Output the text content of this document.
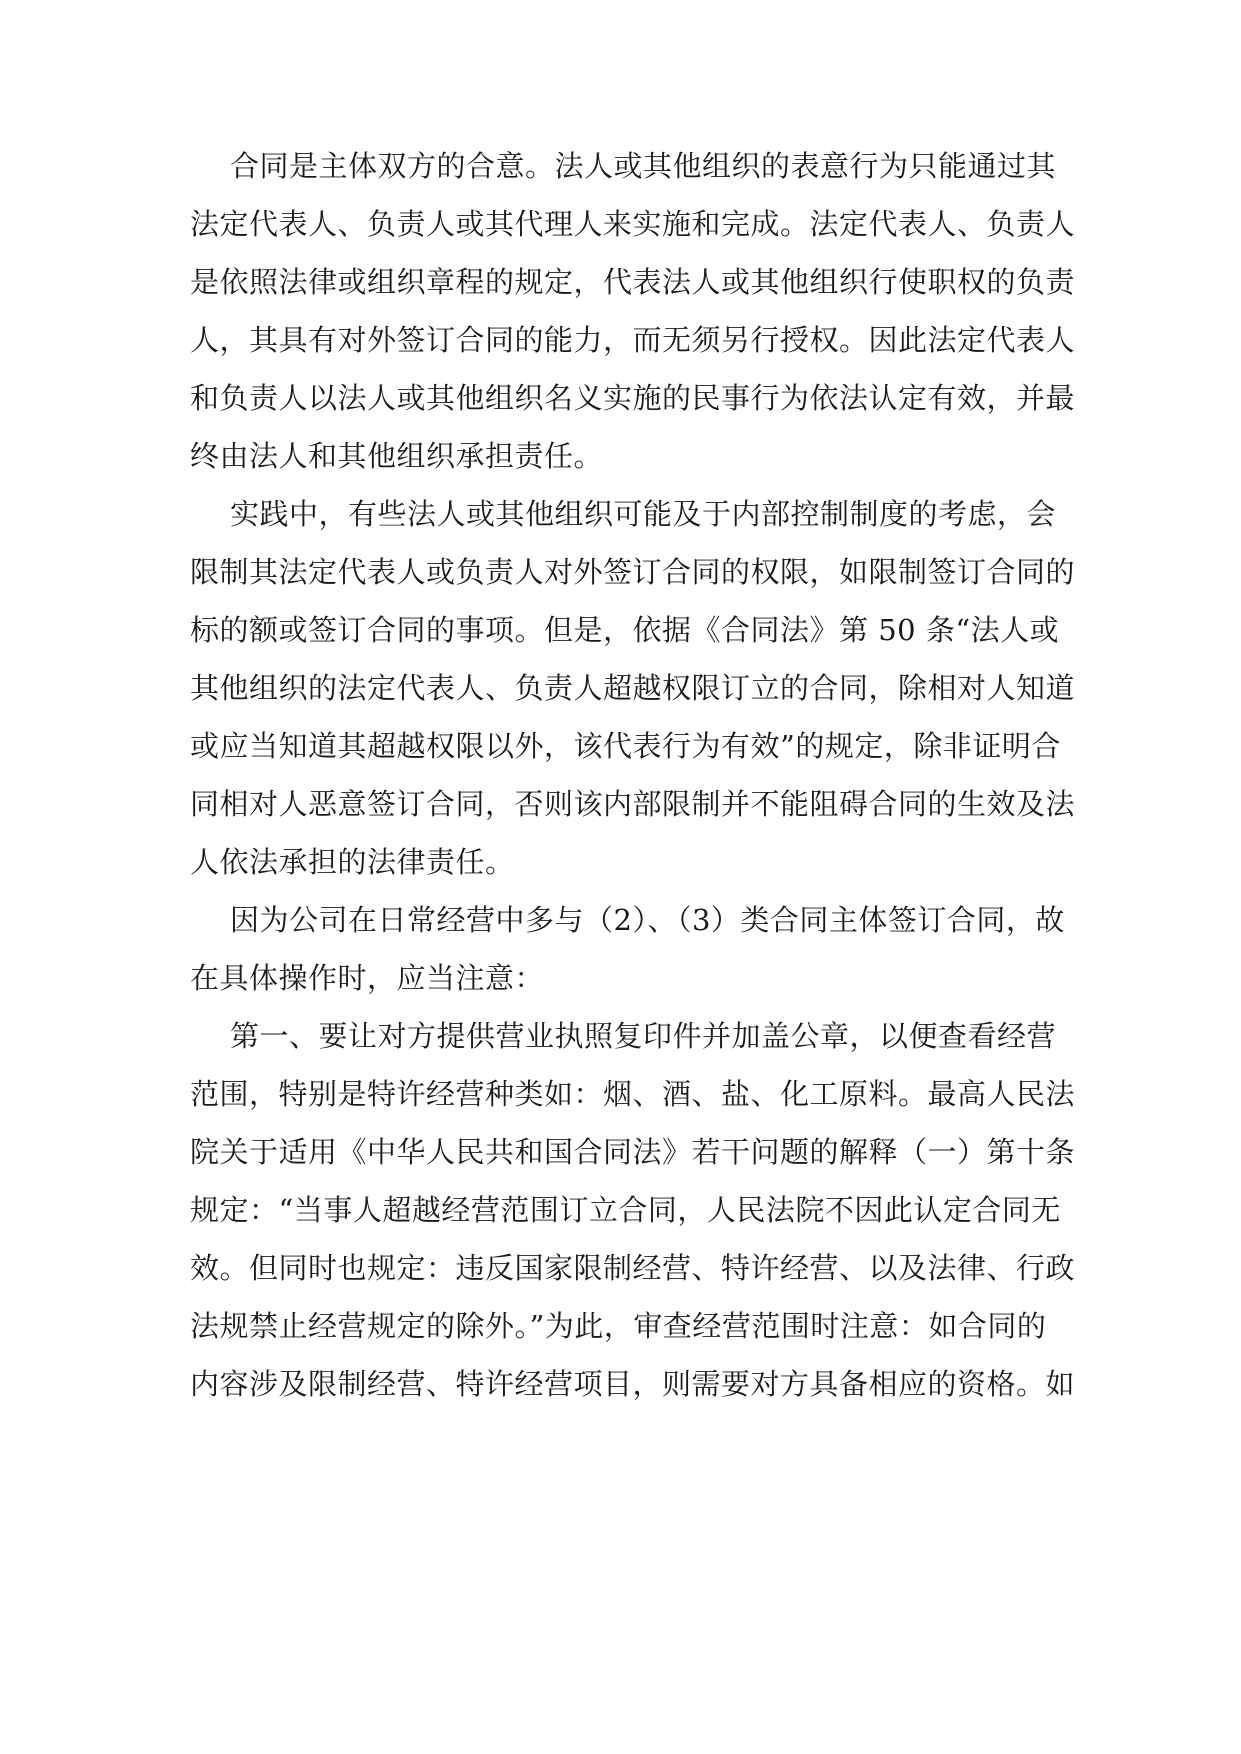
合同是主体双方的合意。法人或其他组织的表意行为只能通过其
法定代表人、负责人或其代理人来实施和完成。法定代表人、负责人
是依照法律或组织章程的规定，代表法人或其他组织行使职权的负责
人，其具有对外签订合同的能力，而无须另行授权。因此法定代表人
和负责人以法人或其他组织名义实施的民事行为依法认定有效，并最
终由法人和其他组织承担责任。
实践中，有些法人或其他组织可能及于内部控制制度的考虑，会
限制其法定代表人或负责人对外签订合同的权限，如限制签订合同的
标的额或签订合同的事项。但是，依据《合同法》第 50 条“法人或
其他组织的法定代表人、负责人超越权限订立的合同，除相对人知道
或应当知道其超越权限以外，该代表行为有效”的规定，除非证明合
同相对人恶意签订合同，否则该内部限制并不能阻碍合同的生效及法
人依法承担的法律责任。
因为公司在日常经营中多与（2）、（3）类合同主体签订合同，故
在具体操作时，应当注意：
第一、要让对方提供营业执照复印件并加盖公章，以便查看经营
范围，特别是特许经营种类如：烟、酒、盐、化工原料。最高人民法
院关于适用《中华人民共和国合同法》若干问题的解释（一）第十条
规定：“当事人超越经营范围订立合同，人民法院不因此认定合同无
效。但同时也规定：违反国家限制经营、特许经营、以及法律、行政
法规禁止经营规定的除外。”为此，审查经营范围时注意：如合同的
内容涉及限制经营、特许经营项目，则需要对方具备相应的资格。如
